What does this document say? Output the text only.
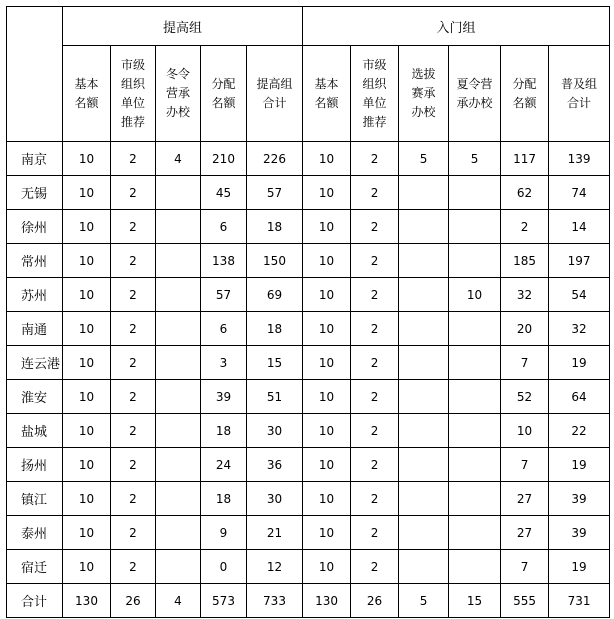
	提高组					入门组					
	基本名额	市级组织单位推荐	冬令营承办校	分配名额	提高组合计	基本名额	市级组织单位推荐	选拔赛承办校	夏令营承办校	分配名额	普及组合计
南京	10	2	4	210	226	10	2	5	5	117	139
无锡	10	2		45	57	10	2			62	74
徐州	10	2		6	18	10	2			2	14
常州	10	2		138	150	10	2			185	197
苏州	10	2		57	69	10	2		10	32	54
南通	10	2		6	18	10	2			20	32
连云港	10	2		3	15	10	2			7	19
淮安	10	2		39	51	10	2			52	64
盐城	10	2		18	30	10	2			10	22
扬州	10	2		24	36	10	2			7	19
镇江	10	2		18	30	10	2			27	39
泰州	10	2		9	21	10	2			27	39
宿迁	10	2		0	12	10	2			7	19
合计	130	26	4	573	733	130	26	5	15	555	731
